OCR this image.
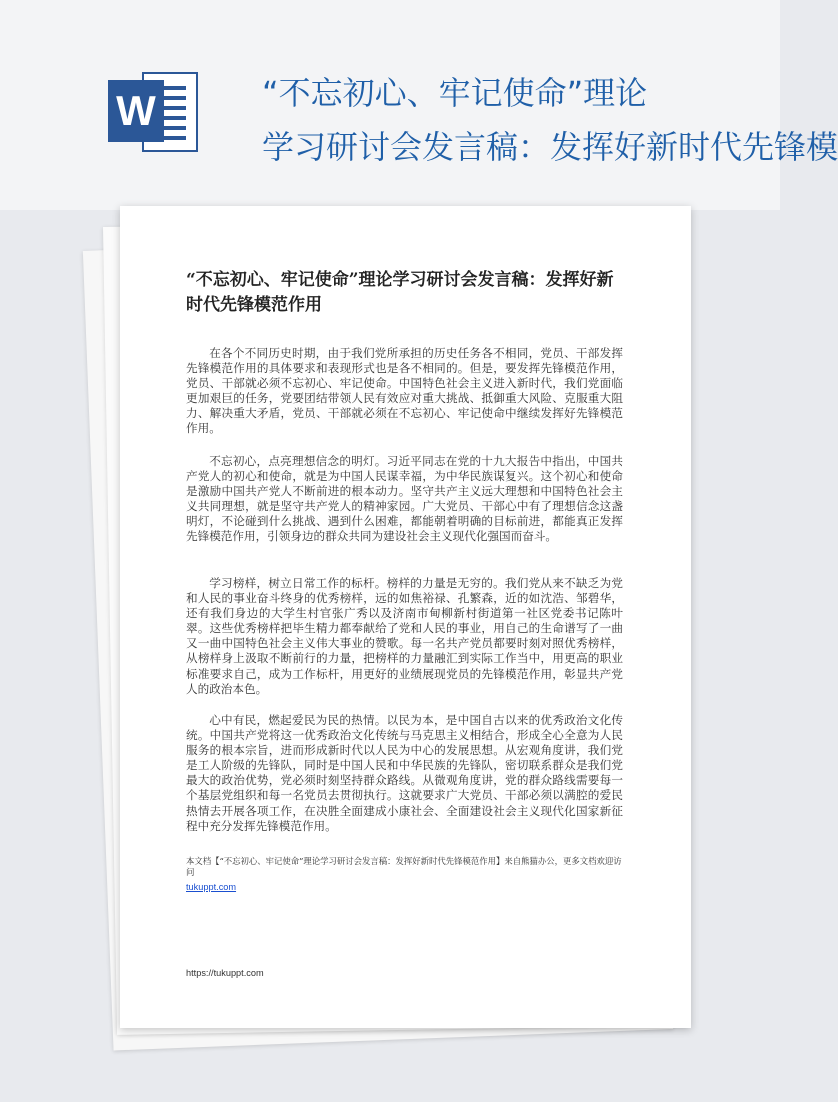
W	“不忘初心、牢记使命”理论
学习研讨会发言稿：发挥好新时代先锋模
“不忘初心、牢记使命”理论学习研讨会发言稿：发挥好新时代先锋模范作用

在各个不同历史时期，由于我们党所承担的历史任务各不相同，党员、干部发挥先锋模范作用的具体要求和表现形式也是各不相同的。但是，要发挥先锋模范作用，党员、干部就必须不忘初心、牢记使命。中国特色社会主义进入新时代，我们党面临更加艰巨的任务，党要团结带领人民有效应对重大挑战、抵御重大风险、克服重大阻力、解决重大矛盾，党员、干部就必须在不忘初心、牢记使命中继续发挥好先锋模范作用。

不忘初心，点亮理想信念的明灯。习近平同志在党的十九大报告中指出，中国共产党人的初心和使命，就是为中国人民谋幸福，为中华民族谋复兴。这个初心和使命是激励中国共产党人不断前进的根本动力。坚守共产主义远大理想和中国特色社会主义共同理想，就是坚守共产党人的精神家园。广大党员、干部心中有了理想信念这盏明灯，不论碰到什么挑战、遇到什么困难，都能朝着明确的目标前进，都能真正发挥先锋模范作用，引领身边的群众共同为建设社会主义现代化强国而奋斗。

学习榜样，树立日常工作的标杆。榜样的力量是无穷的。我们党从来不缺乏为党和人民的事业奋斗终身的优秀榜样，远的如焦裕禄、孔繁森，近的如沈浩、邹碧华，还有我们身边的大学生村官张广秀以及济南市甸柳新村街道第一社区党委书记陈叶翠。这些优秀榜样把毕生精力都奉献给了党和人民的事业，用自己的生命谱写了一曲又一曲中国特色社会主义伟大事业的赞歌。每一名共产党员都要时刻对照优秀榜样，从榜样身上汲取不断前行的力量，把榜样的力量融汇到实际工作当中，用更高的职业标准要求自己，成为工作标杆，用更好的业绩展现党员的先锋模范作用，彰显共产党人的政治本色。

心中有民，燃起爱民为民的热情。以民为本，是中国自古以来的优秀政治文化传统。中国共产党将这一优秀政治文化传统与马克思主义相结合，形成全心全意为人民服务的根本宗旨，进而形成新时代以人民为中心的发展思想。从宏观角度讲，我们党是工人阶级的先锋队，同时是中国人民和中华民族的先锋队，密切联系群众是我们党最大的政治优势，党必须时刻坚持群众路线。从微观角度讲，党的群众路线需要每一个基层党组织和每一名党员去贯彻执行。这就要求广大党员、干部必须以满腔的爱民热情去开展各项工作，在决胜全面建成小康社会、全面建设社会主义现代化国家新征程中充分发挥先锋模范作用。

本文档【“不忘初心、牢记使命”理论学习研讨会发言稿：发挥好新时代先锋模范作用】来自熊猫办公，更多文档欢迎访问

tukuppt.com
https://tukuppt.com
